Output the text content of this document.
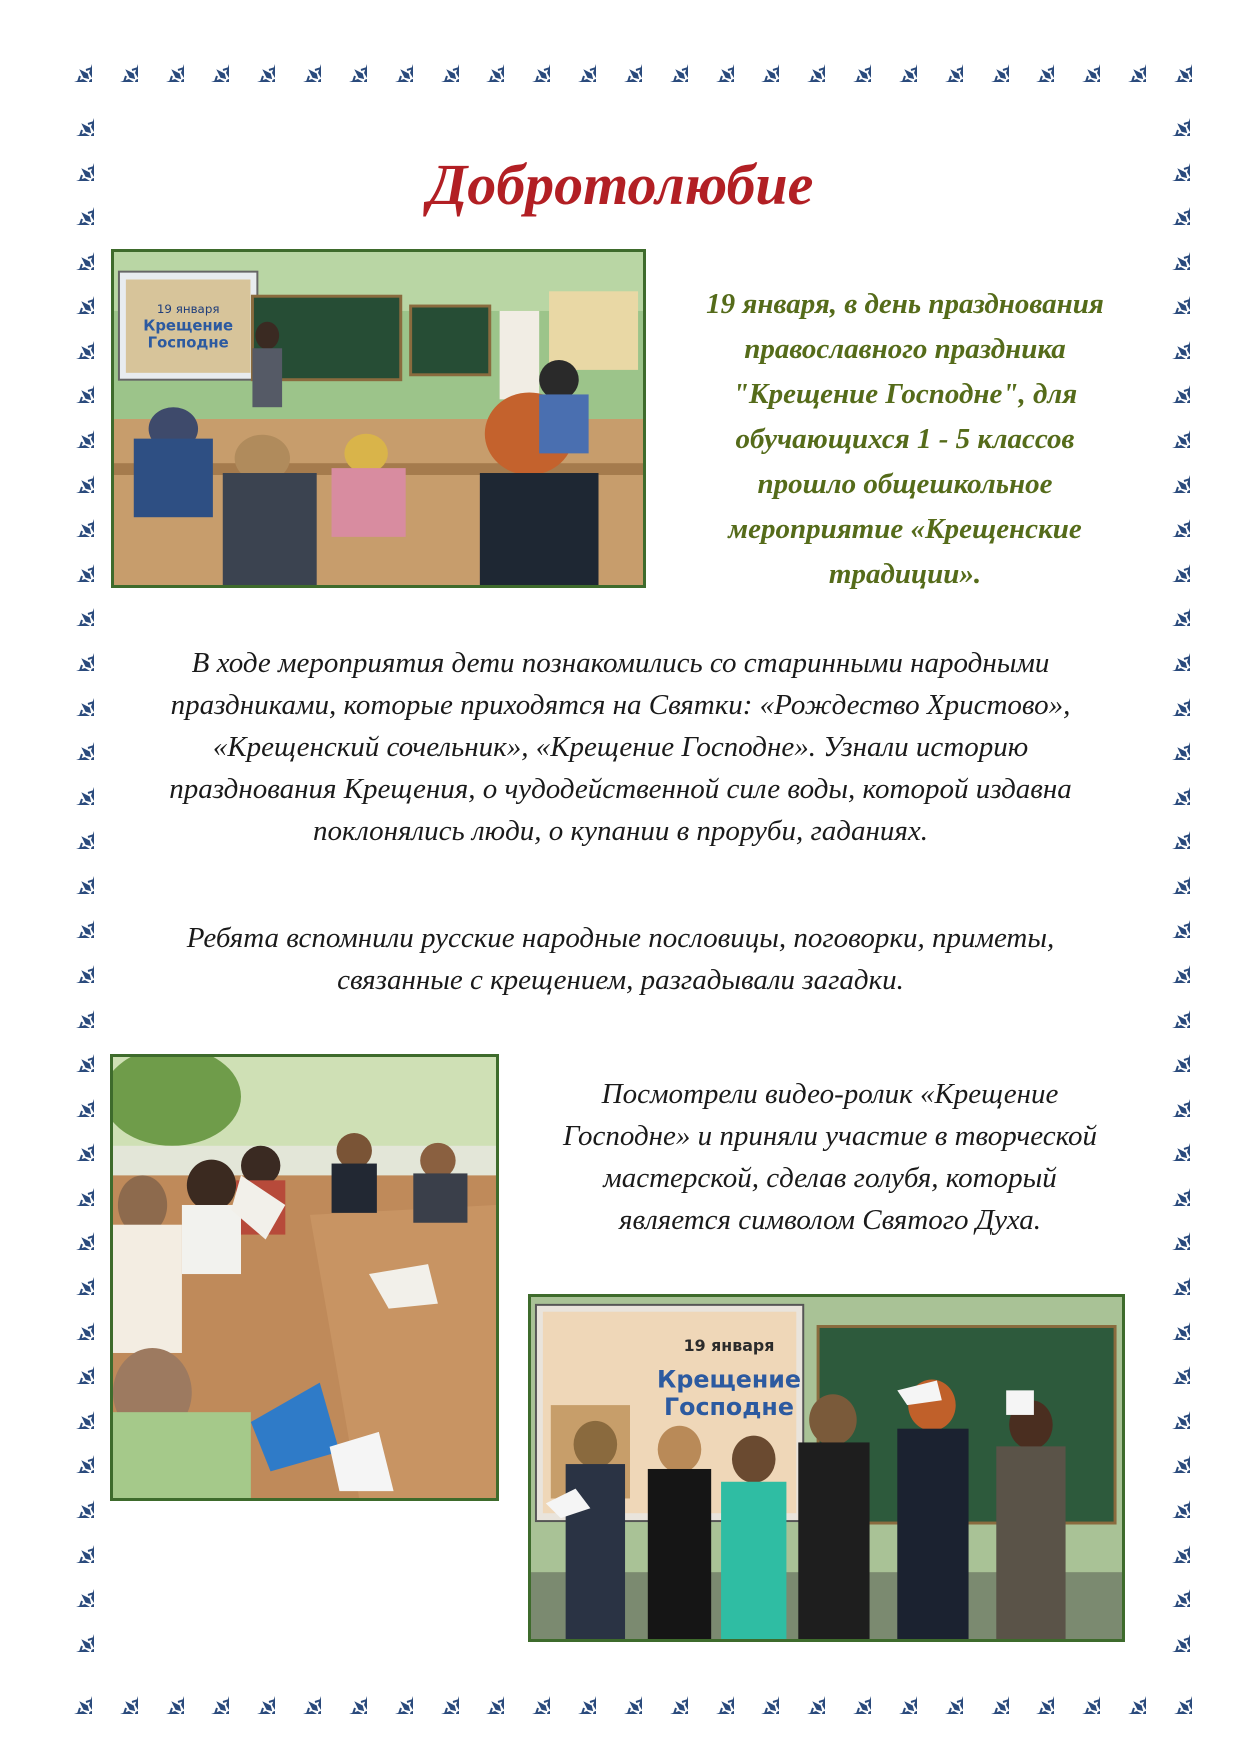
Добротолюбие
19 января
Крещение
Господне
19 января, в день празднования
православного праздника
"Крещение Господне", для
обучающихся 1 - 5 классов
прошло общешкольное
мероприятие «Крещенские
традиции».
В ходе мероприятия дети познакомились со старинными народными
праздниками, которые приходятся на Святки: «Рождество Христово»,
«Крещенский сочельник», «Крещение Господне». Узнали историю
празднования Крещения, о чудодейственной силе воды, которой издавна
поклонялись люди, о купании в проруби, гаданиях.
Ребята вспомнили русские народные пословицы, поговорки, приметы,
связанные с крещением, разгадывали загадки.
Посмотрели видео-ролик «Крещение
Господне» и приняли участие в творческой
мастерской, сделав голубя, который
является символом Святого Духа.
19 января
Крещение
Господне
